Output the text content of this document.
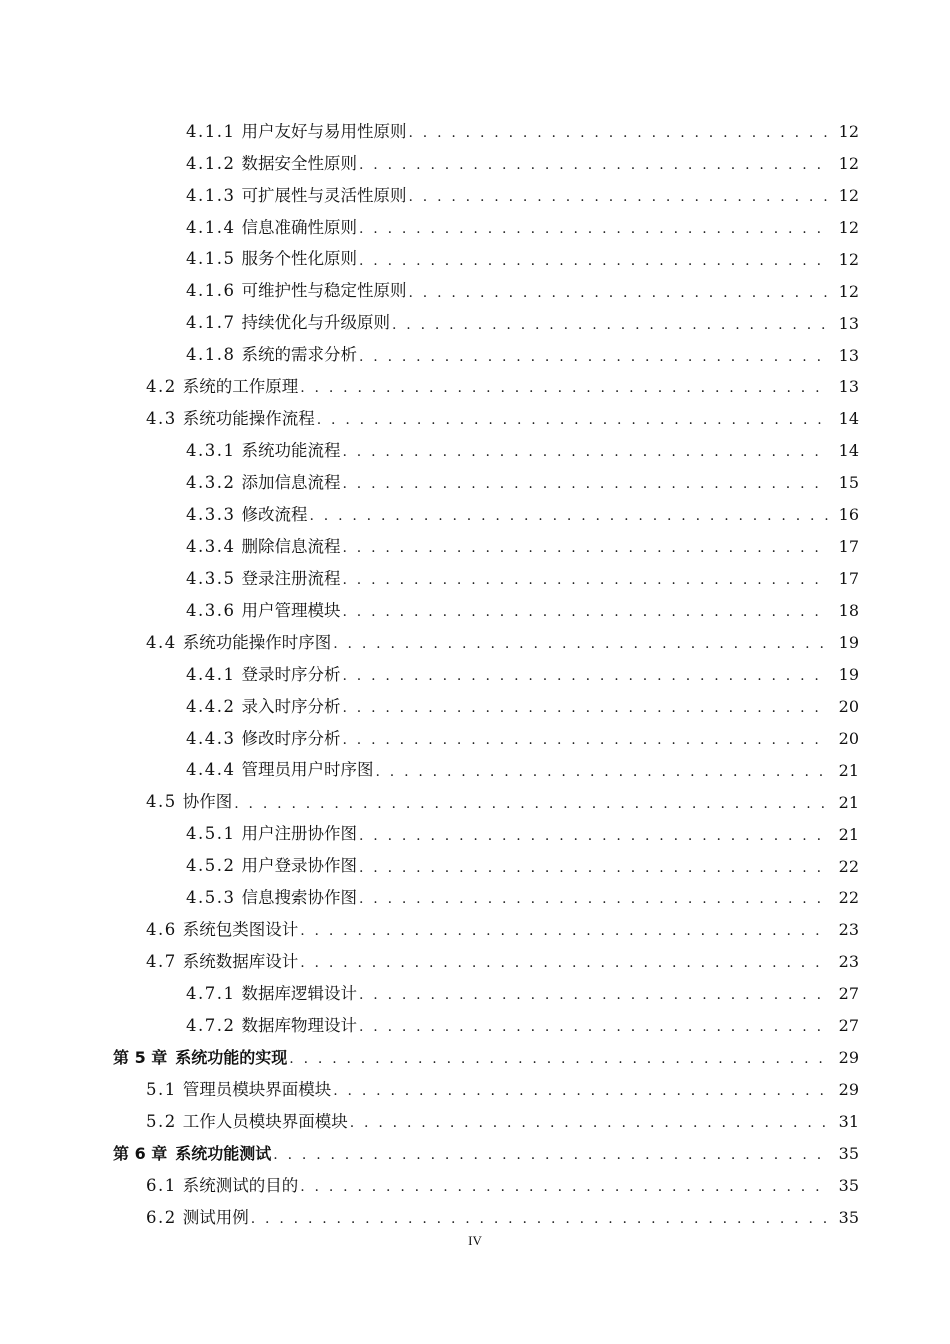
4.1.1 用户友好与易用性原则 . . .	12
4.1.2 数据安全性原则 . . .	12
4.1.3 可扩展性与灵活性原则 . . .	12
4.1.4 信息准确性原则 . . .	12
4.1.5 服务个性化原则 . . .	12
4.1.6 可维护性与稳定性原则 . . .	12
4.1.7 持续优化与升级原则 . . .	13
4.1.8 系统的需求分析 . . .	13
4.2 系统的工作原理 . . .	13
4.3 系统功能操作流程 . . .	14
4.3.1 系统功能流程 . . .	14
4.3.2 添加信息流程 . . .	15
4.3.3 修改流程 . . .	16
4.3.4 删除信息流程 . . .	17
4.3.5 登录注册流程 . . .	17
4.3.6 用户管理模块 . . .	18
4.4 系统功能操作时序图 . . .	19
4.4.1 登录时序分析 . . .	19
4.4.2 录入时序分析 . . .	20
4.4.3 修改时序分析 . . .	20
4.4.4 管理员用户时序图 . . .	21
4.5 协作图 . . .	21
4.5.1 用户注册协作图 . . .	21
4.5.2 用户登录协作图 . . .	22
4.5.3 信息搜索协作图 . . .	22
4.6 系统包类图设计 . . .	23
4.7 系统数据库设计 . . .	23
4.7.1 数据库逻辑设计 . . .	27
4.7.2 数据库物理设计 . . .	27
第 5 章 系统功能的实现 . . .	29
5.1 管理员模块界面模块 . . .	29
5.2 工作人员模块界面模块 . . .	31
第 6 章 系统功能测试 . . .	35
6.1 系统测试的目的 . . .	35
6.2 测试用例 . . .	35
IV
